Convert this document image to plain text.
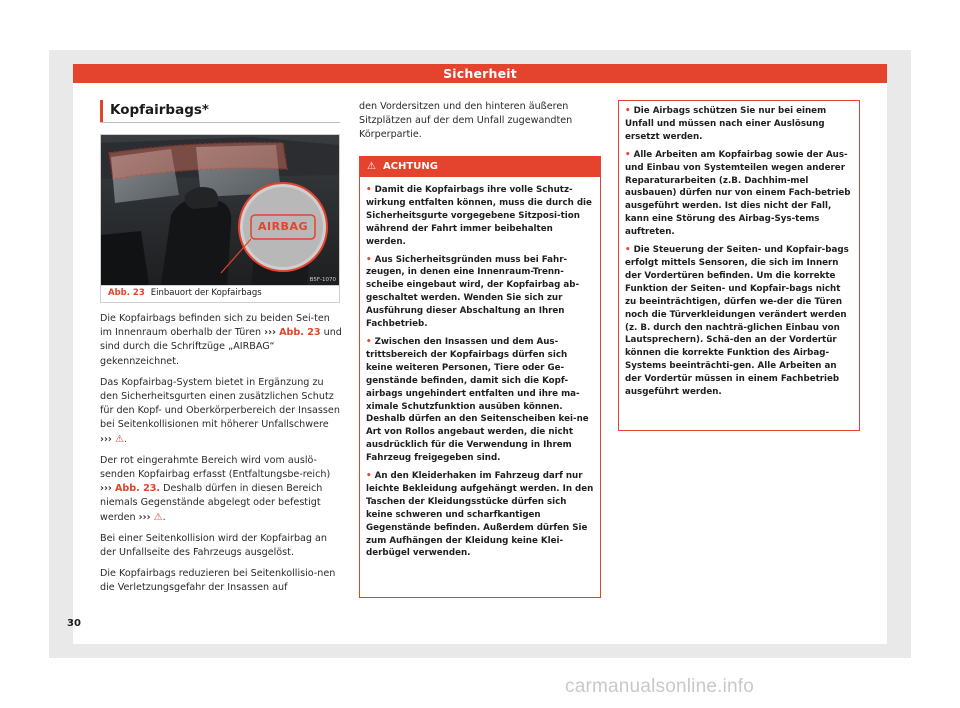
Sicherheit
Kopfairbags*
AIRBAG
B5F-1070
Abb. 23 Einbauort der Kopfairbags

Die Kopfairbags befinden sich zu beiden Sei-ten im Innenraum oberhalb der Türen ››› Abb. 23 und sind durch die Schriftzüge „AIRBAG“ gekennzeichnet.

Das Kopfairbag-System bietet in Ergänzung zu den Sicherheitsgurten einen zusätzlichen Schutz für den Kopf- und Oberkörperbereich der Insassen bei Seitenkollisionen mit höherer Unfallschwere ››› ⚠.

Der rot eingerahmte Bereich wird vom auslö-senden Kopfairbag erfasst (Entfaltungsbe-reich) ››› Abb. 23. Deshalb dürfen in diesen Bereich niemals Gegenstände abgelegt oder befestigt werden ››› ⚠.

Bei einer Seitenkollision wird der Kopfairbag an der Unfallseite des Fahrzeugs ausgelöst.

Die Kopfairbags reduzieren bei Seitenkollisio-nen die Verletzungsgefahr der Insassen auf

den Vordersitzen und den hinteren äußeren Sitzplätzen auf der dem Unfall zugewandten Körperpartie.
⚠ ACHTUNG
• Damit die Kopfairbags ihre volle Schutz-wirkung entfalten können, muss die durch die Sicherheitsgurte vorgegebene Sitzposi-tion während der Fahrt immer beibehalten werden.
• Aus Sicherheitsgründen muss bei Fahr-zeugen, in denen eine Innenraum-Trenn-scheibe eingebaut wird, der Kopfairbag ab-geschaltet werden. Wenden Sie sich zur Ausführung dieser Abschaltung an Ihren Fachbetrieb.
• Zwischen den Insassen und dem Aus-trittsbereich der Kopfairbags dürfen sich keine weiteren Personen, Tiere oder Ge-genstände befinden, damit sich die Kopf-airbags ungehindert entfalten und ihre ma-ximale Schutzfunktion ausüben können. Deshalb dürfen an den Seitenscheiben kei-ne Art von Rollos angebaut werden, die nicht ausdrücklich für die Verwendung in Ihrem Fahrzeug freigegeben sind.
• An den Kleiderhaken im Fahrzeug darf nur leichte Bekleidung aufgehängt werden. In den Taschen der Kleidungsstücke dürfen sich keine schweren und scharfkantigen Gegenstände befinden. Außerdem dürfen Sie zum Aufhängen der Kleidung keine Klei-derbügel verwenden.
• Die Airbags schützen Sie nur bei einem Unfall und müssen nach einer Auslösung ersetzt werden.
• Alle Arbeiten am Kopfairbag sowie der Aus- und Einbau von Systemteilen wegen anderer Reparaturarbeiten (z.B. Dachhim-mel ausbauen) dürfen nur von einem Fach-betrieb ausgeführt werden. Ist dies nicht der Fall, kann eine Störung des Airbag-Sys-tems auftreten.
• Die Steuerung der Seiten- und Kopfair-bags erfolgt mittels Sensoren, die sich im Innern der Vordertüren befinden. Um die korrekte Funktion der Seiten- und Kopfair-bags nicht zu beeinträchtigen, dürfen we-der die Türen noch die Türverkleidungen verändert werden (z. B. durch den nachträ-glichen Einbau von Lautsprechern). Schä-den an der Vordertür können die korrekte Funktion des Airbag-Systems beeinträchti-gen. Alle Arbeiten an der Vordertür müssen in einem Fachbetrieb ausgeführt werden.
30
carmanualsonline.info
